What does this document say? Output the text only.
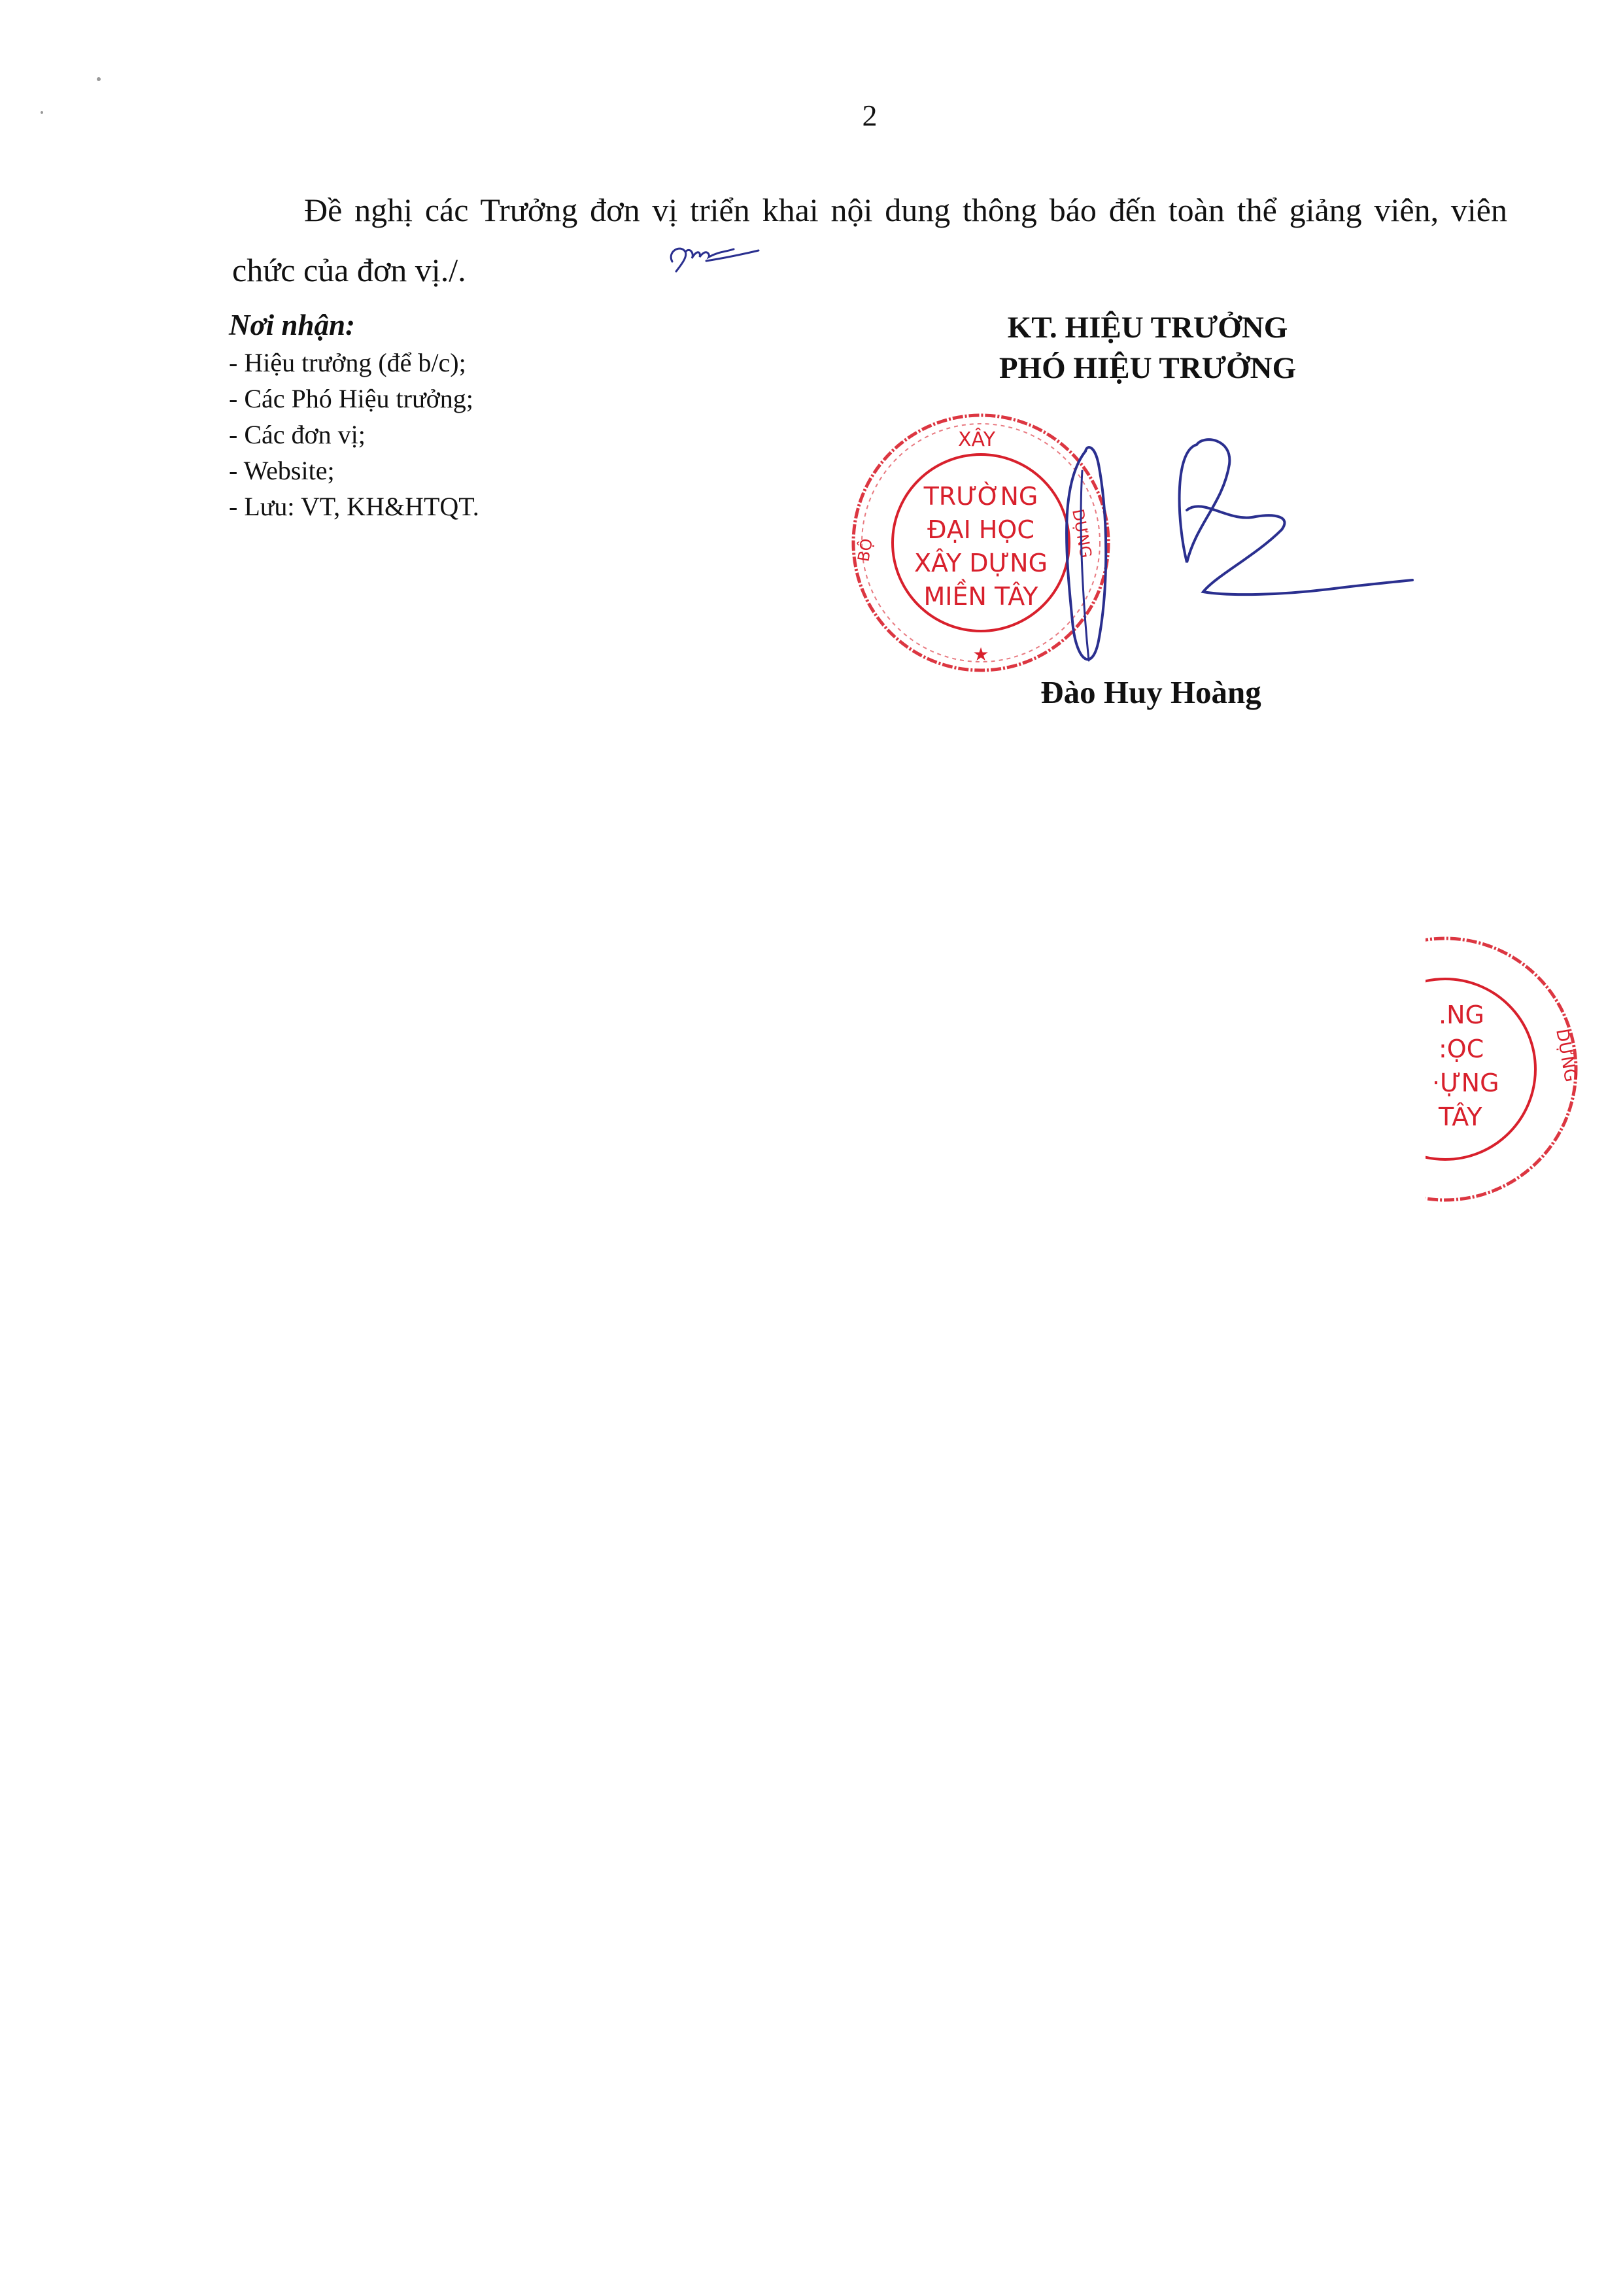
2

Đề nghị các Trưởng đơn vị triển khai nội dung thông báo đến toàn thể giảng viên, viên chức của đơn vị./.

Nơi nhận:
- Hiệu trưởng (để b/c);
- Các Phó Hiệu trưởng;
- Các đơn vị;
- Website;
- Lưu: VT, KH&HTQT.
KT. HIỆU TRƯỞNG
PHÓ HIỆU TRƯỞNG
XÂY
BỘ	DỰNG
TRƯỜNG
ĐẠI HỌC
XÂY DỰNG
MIỀN TÂY
★
Đào Huy Hoàng
.NG
:ỌC
·ỰNG
TÂY
DỰNG
